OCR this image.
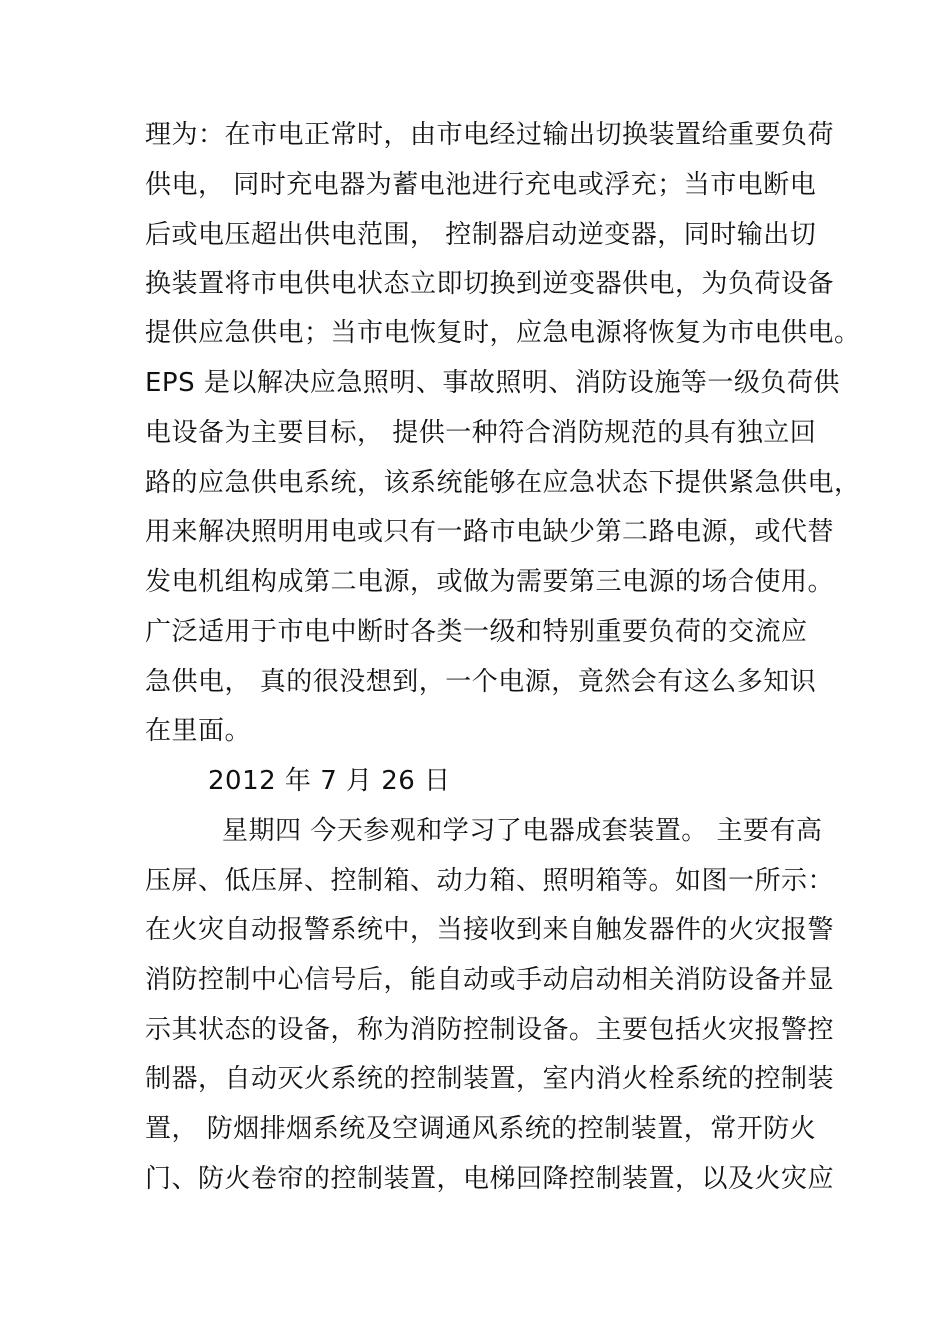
理为：在市电正常时，由市电经过输出切换装置给重要负荷
供电， 同时充电器为蓄电池进行充电或浮充；当市电断电
后或电压超出供电范围， 控制器启动逆变器，同时输出切
换装置将市电供电状态立即切换到逆变器供电，为负荷设备
提供应急供电；当市电恢复时，应急电源将恢复为市电供电。
EPS 是以解决应急照明、事故照明、消防设施等一级负荷供
电设备为主要目标， 提供一种符合消防规范的具有独立回
路的应急供电系统，该系统能够在应急状态下提供紧急供电，
用来解决照明用电或只有一路市电缺少第二路电源，或代替
发电机组构成第二电源，或做为需要第三电源的场合使用。
广泛适用于市电中断时各类一级和特别重要负荷的交流应
急供电， 真的很没想到，一个电源，竟然会有这么多知识
在里面。
2012 年 7 月 26 日
星期四 今天参观和学习了电器成套装置。 主要有高
压屏、低压屏、控制箱、动力箱、照明箱等。如图一所示：
在火灾自动报警系统中，当接收到来自触发器件的火灾报警
消防控制中心信号后，能自动或手动启动相关消防设备并显
示其状态的设备，称为消防控制设备。主要包括火灾报警控
制器，自动灭火系统的控制装置，室内消火栓系统的控制装
置， 防烟排烟系统及空调通风系统的控制装置，常开防火
门、防火卷帘的控制装置，电梯回降控制装置，以及火灾应
